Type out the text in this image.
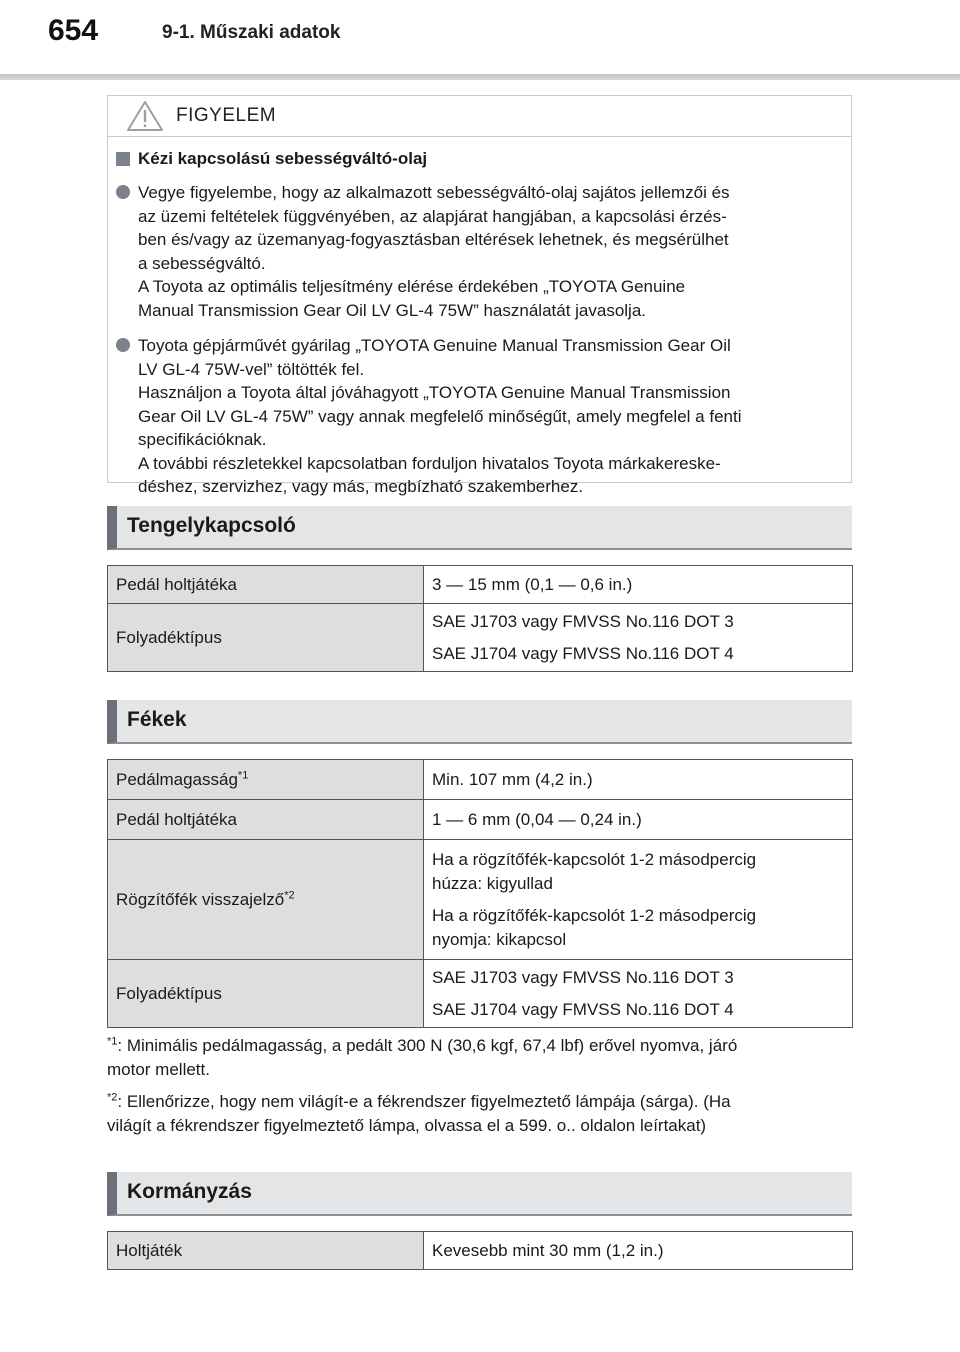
654	9-1. Műszaki adatok
FIGYELEM
Kézi kapcsolású sebességváltó-olaj
Vegye figyelembe, hogy az alkalmazott sebességváltó-olaj sajátos jellemzői és
az üzemi feltételek függvényében, az alapjárat hangjában, a kapcsolási érzés-
ben és/vagy az üzemanyag-fogyasztásban eltérések lehetnek, és megsérülhet
a sebességváltó.
A Toyota az optimális teljesítmény elérése érdekében „TOYOTA Genuine
Manual Transmission Gear Oil LV GL-4 75W” használatát javasolja.
Toyota gépjárművét gyárilag „TOYOTA Genuine Manual Transmission Gear Oil
LV GL-4 75W-vel” töltötték fel.
Használjon a Toyota által jóváhagyott „TOYOTA Genuine Manual Transmission
Gear Oil LV GL-4 75W” vagy annak megfelelő minőségűt, amely megfelel a fenti
specifikációknak.
A további részletekkel kapcsolatban forduljon hivatalos Toyota márkakereske-
déshez, szervizhez, vagy más, megbízható szakemberhez.
Tengelykapcsoló
Pedál holtjátéka	3 — 15 mm (0,1 — 0,6 in.)

Folyadéktípus	SAE J1703 vagy FMVSS No.116 DOT 3
SAE J1704 vagy FMVSS No.116 DOT 4
Fékek
Pedálmagasság$^{*1}$	Min. 107 mm (4,2 in.)

Pedál holtjátéka	1 — 6 mm (0,04 — 0,24 in.)

Rögzítőfék visszajelző$^{*2}$	Ha a rögzítőfék-kapcsolót 1-2 másodpercig
húzza: kigyullad
Ha a rögzítőfék-kapcsolót 1-2 másodpercig
nyomja: kikapcsol

Folyadéktípus	SAE J1703 vagy FMVSS No.116 DOT 3
SAE J1704 vagy FMVSS No.116 DOT 4
$^{*1}$: Minimális pedálmagasság, a pedált 300 N (30,6 kgf, 67,4 lbf) erővel nyomva, járó
motor mellett.
$^{*2}$: Ellenőrizze, hogy nem világít-e a fékrendszer figyelmeztető lámpája (sárga). (Ha
világít a fékrendszer figyelmeztető lámpa, olvassa el a 599. o.. oldalon leírtakat)
Kormányzás
Holtjáték	Kevesebb mint 30 mm (1,2 in.)
